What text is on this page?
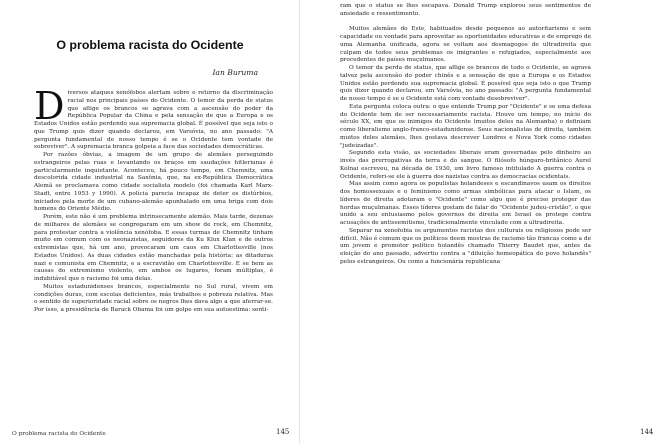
O problema racista do Ocidente

Ian Buruma

Diversos ataques xenófobos alertam sobre o retorno da discriminação racial nos principais países do Ocidente. O temor da perda de status que aflige os brancos se agrava com a ascensão do poder da República Popular da China e pela sensação de que a Europa e os Estados Unidos estão perdendo sua supremacia global. É possível que seja isto o que Trump quis dizer quando declarou, em Varsóvia, no ano passado: "A pergunta fundamental de nosso tempo é se o Ocidente tem vontade de sobreviver". A supremacia branca golpeia a face das sociedades democráticas.

Por razões óbvias, a imagem de um grupo de alemães perseguindo estrangeiros pelas ruas e levantando os braços em saudações hitlerianas é particularmente inquietante. Aconteceu, há pouco tempo, em Chemnitz, uma descolorida cidade industrial na Saxônia, que, na ex-República Democrática Alemã se proclamava como cidade socialista modelo (foi chamada Karl Marx-Stadt, entre 1953 y 1990). A polícia parecia incapaz de deter os distúrbios, iniciados pela morte de um cubano-alemão apunhalado em uma briga com dois homens do Oriente Médio.

Porém, este não é um problema intrinsecamente alemão. Mais tarde, dezenas de milhares de alemães se congregaram em um show de rock, em Chemnitz, para protestar contra a violência xenófoba. E essas turmas de Chemnitz tinham muito em comum com os neonazistas, seguidores da Ku Klux Klan e de outros extremistas que, há um ano, provocaram um caos em Charlottesville (nos Estados Unidos). As duas cidades estão manchadas pela história: as ditaduras nazi e comunista em Chemnitz, e a escravidão em Charlottesville. E se bem as causas do extremismo violento, em ambos os lugares, foram múltiplas, é indubitável que o racismo foi uma delas.

Muitos estadunidenses brancos, especialmente no Sul rural, vivem em condições duras, com escolas deficientes, más trabalhos e pobreza relativa. Mas o sentido de superioridade racial sobre os negros lhes dava algo a que aferrar-se. Por isso, a presidência de Barack Obama foi um golpe em sua autoestima: senti-

O problema racista do Ocidente	145

ram que o status se lhes escapava. Donald Trump explorou seus sentimentos de ansiedade e ressentimento.

Muitos alemães do Este, habituados desde pequenos ao autoritarismo e sem capacidade ou vontade para aproveitar as oportunidades educativas e de emprego de uma Alemanha unificada, agora se voltam aos desmagogos de ultradireita que culpam de todos seus problemas os imigrantes e refugiados, especialmente aos procedentes de países muçulmanos.

O temor da perda de status, que aflige os brancos de todo o Ocidente, se agrava talvez pela ascensão do poder chinês e a sensação de que a Europa e os Estados Unidos estão perdendo sua supremacia global. É possível que seja isto o que Trump quis dizer quando declarou, em Varsóvia, no ano passado: "A pergunta fundamental de nosso tempo é se o Ocidente está com vontade desobreviver".

Esta pergunta coloca outra: o que entende Trump por "Ocidente" e se uma defesa do Ocidente tem de ser necessariamente racista. Houve um tempo, no início do século XX, em que os inimigos do Ocidente (muitos deles na Alemanha) o definiam como liberalismo anglo-franco-estadunidense. Seus nacionalistas de direita, também muitos deles alemães, lhes gostava descrever Londres e Nova York como cidades "judeizadas".

Segundo esta visão, as sociedades liberais eram governadas pelo dinheiro ao invés das prerrogativas da terra e do sangue. O filósofo húngaro-britânico Aurel Kolnai escreveu, na década de 1930, um livro famoso intitulado A guerra contra o Ocidente, referi-se ele à guerra dos nazistas contra as democracias ocidentais.

Mas assim como agora os populistas holandeses e escandinavos usam os direitos dos homossexuais e o feminismo como armas simbólicas para atacar o Islam, os líderes de direita adotaram o "Ocidente" como algo que é preciso proteger das hordas muçulmanas. Esses líderes gostam de falar do "Ocidente judeu-cristão", o que unido a seu entusiasmo pelos governos de direita em Israel os protege contra acusações de antissemitismo, tradicionalmente vinculado com a ultradireita.

Separar na xenofobia os argumentos racistas dos culturais ou religiosos pode ser difícil. Não é comum que os políticos deem mostras de racismo tão francas como a de um jovem e promotor político holandês chamado Thierry Baudet que, antes da eleição do ano passado, advertiu contra a "diluição homeopática do povo holandês" pelos estrangeiros. Ou como a funcionária republicana

144
